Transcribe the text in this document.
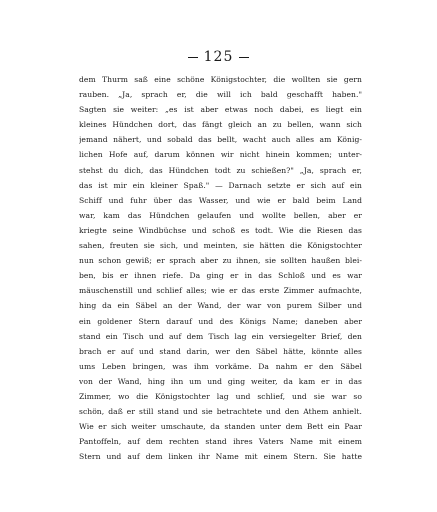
125
dem Thurm saß eine schöne Königstochter, die wollten sie gern
rauben. „Ja, sprach er, die will ich bald geschafft haben."
Sagten sie weiter: „es ist aber etwas noch dabei, es liegt ein
kleines Hündchen dort, das fängt gleich an zu bellen, wann sich
jemand nähert, und sobald das bellt, wacht auch alles am König-
lichen Hofe auf, darum können wir nicht hinein kommen; unter-
stehst du dich, das Hündchen todt zu schießen?" „Ja, sprach er,
das ist mir ein kleiner Spaß." — Darnach setzte er sich auf ein
Schiff und fuhr über das Wasser, und wie er bald beim Land
war, kam das Hündchen gelaufen und wollte bellen, aber er
kriegte seine Windbüchse und schoß es todt. Wie die Riesen das
sahen, freuten sie sich, und meinten, sie hätten die Königstochter
nun schon gewiß; er sprach aber zu ihnen, sie sollten haußen blei-
ben, bis er ihnen riefe. Da ging er in das Schloß und es war
mäuschenstill und schlief alles; wie er das erste Zimmer aufmachte,
hing da ein Säbel an der Wand, der war von purem Silber und
ein goldener Stern darauf und des Königs Name; daneben aber
stand ein Tisch und auf dem Tisch lag ein versiegelter Brief, den
brach er auf und stand darin, wer den Säbel hätte, könnte alles
ums Leben bringen, was ihm vorkäme. Da nahm er den Säbel
von der Wand, hing ihn um und ging weiter, da kam er in das
Zimmer, wo die Königstochter lag und schlief, und sie war so
schön, daß er still stand und sie betrachtete und den Athem anhielt.
Wie er sich weiter umschaute, da standen unter dem Bett ein Paar
Pantoffeln, auf dem rechten stand ihres Vaters Name mit einem
Stern und auf dem linken ihr Name mit einem Stern. Sie hatte
